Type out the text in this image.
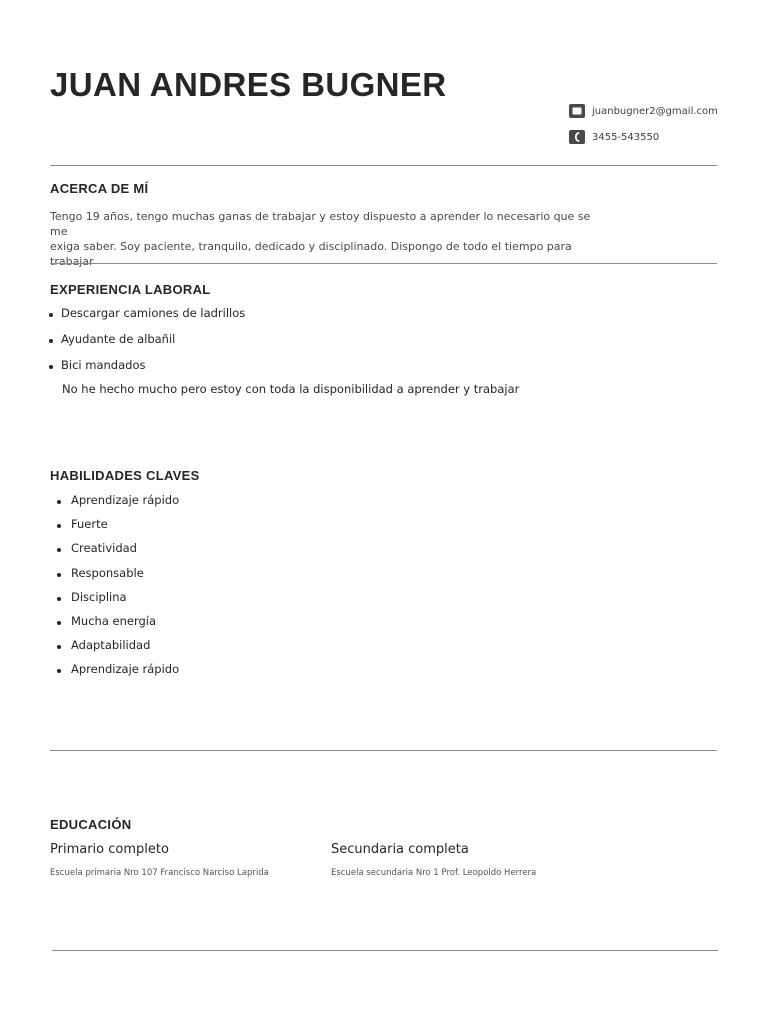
JUAN ANDRES BUGNER
juanbugner2@gmail.com
3455-543550
ACERCA DE MÍ

Tengo 19 años, tengo muchas ganas de trabajar y estoy dispuesto a aprender lo necesario que se me
exiga saber. Soy paciente, tranquilo, dedicado y disciplinado. Dispongo de todo el tiempo para trabajar

EXPERIENCIA LABORAL
Descargar camiones de ladrillos
Ayudante de albañil
Bici mandados
No he hecho mucho pero estoy con toda la disponibilidad a aprender y trabajar
HABILIDADES CLAVES
Aprendizaje rápido
Fuerte
Creatividad
Responsable
Disciplina
Mucha energía
Adaptabilidad
Aprendizaje rápido
EDUCACIÓN
Primario completo
Escuela primaria Nro 107 Francisco Narciso Laprida
Secundaria completa
Escuela secundaria Nro 1 Prof. Leopoldo Herrera
